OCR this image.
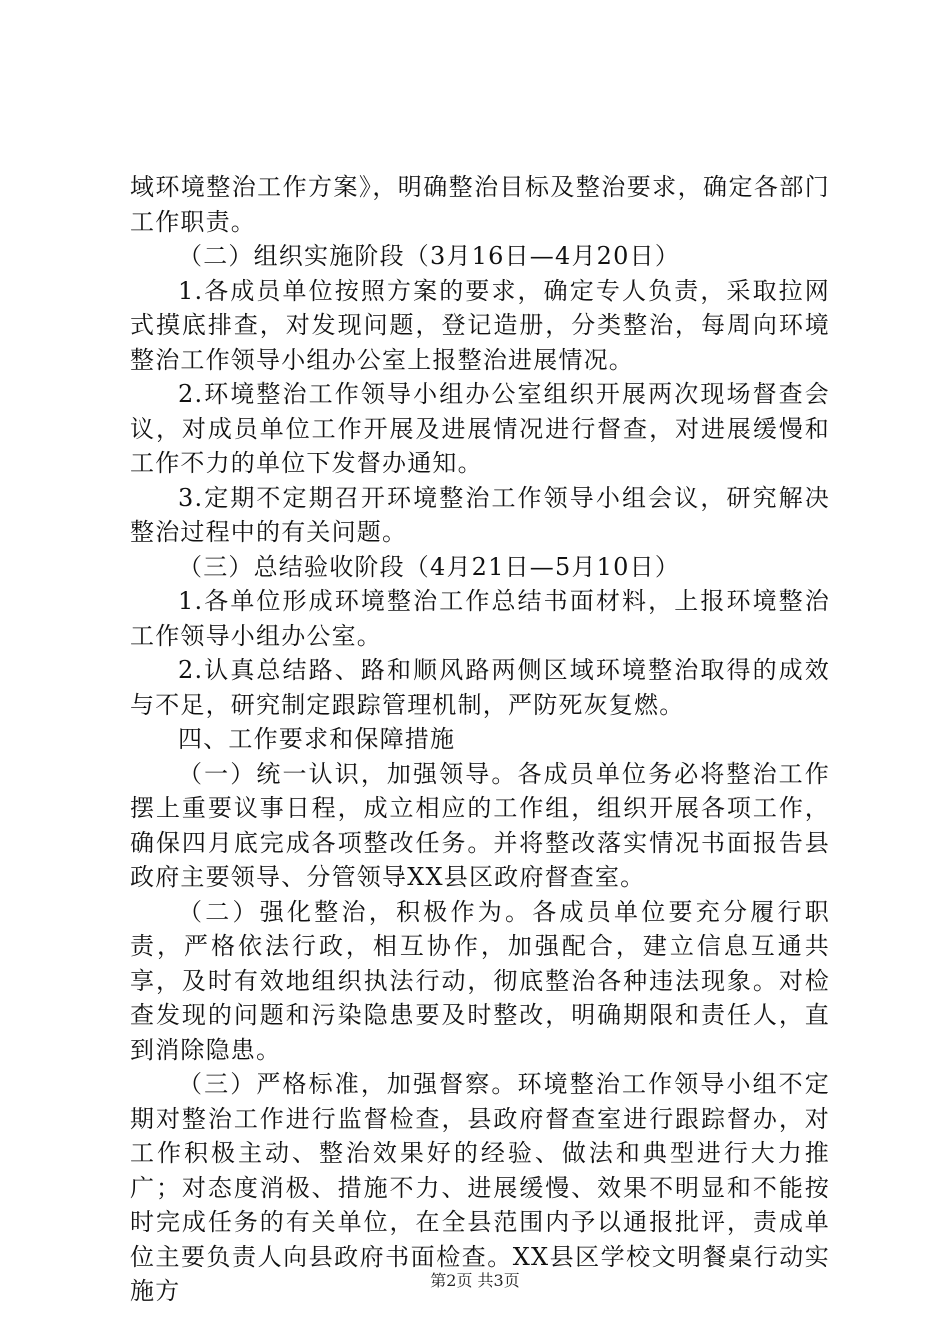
域环境整治工作方案》，明确整治目标及整治要求，确定各部门工作职责。

（二）组织实施阶段（3月16日—4月20日）

1.各成员单位按照方案的要求，确定专人负责，采取拉网式摸底排查，对发现问题，登记造册，分类整治，每周向环境整治工作领导小组办公室上报整治进展情况。

2.环境整治工作领导小组办公室组织开展两次现场督查会议，对成员单位工作开展及进展情况进行督查，对进展缓慢和工作不力的单位下发督办通知。

3.定期不定期召开环境整治工作领导小组会议，研究解决整治过程中的有关问题。

（三）总结验收阶段（4月21日—5月10日）

1.各单位形成环境整治工作总结书面材料，上报环境整治工作领导小组办公室。

2.认真总结路、路和顺风路两侧区域环境整治取得的成效与不足，研究制定跟踪管理机制，严防死灰复燃。

四、工作要求和保障措施

（一）统一认识，加强领导。各成员单位务必将整治工作摆上重要议事日程，成立相应的工作组，组织开展各项工作，确保四月底完成各项整改任务。并将整改落实情况书面报告县政府主要领导、分管领导XX县区政府督查室。

（二）强化整治，积极作为。各成员单位要充分履行职责，严格依法行政，相互协作，加强配合，建立信息互通共享，及时有效地组织执法行动，彻底整治各种违法现象。对检查发现的问题和污染隐患要及时整改，明确期限和责任人，直到消除隐患。

（三）严格标准，加强督察。环境整治工作领导小组不定期对整治工作进行监督检查，县政府督查室进行跟踪督办，对工作积极主动、整治效果好的经验、做法和典型进行大力推广；对态度消极、措施不力、进展缓慢、效果不明显和不能按时完成任务的有关单位，在全县范围内予以通报批评，责成单位主要负责人向县政府书面检查。XX县区学校文明餐桌行动实施方	第2页 共3页
